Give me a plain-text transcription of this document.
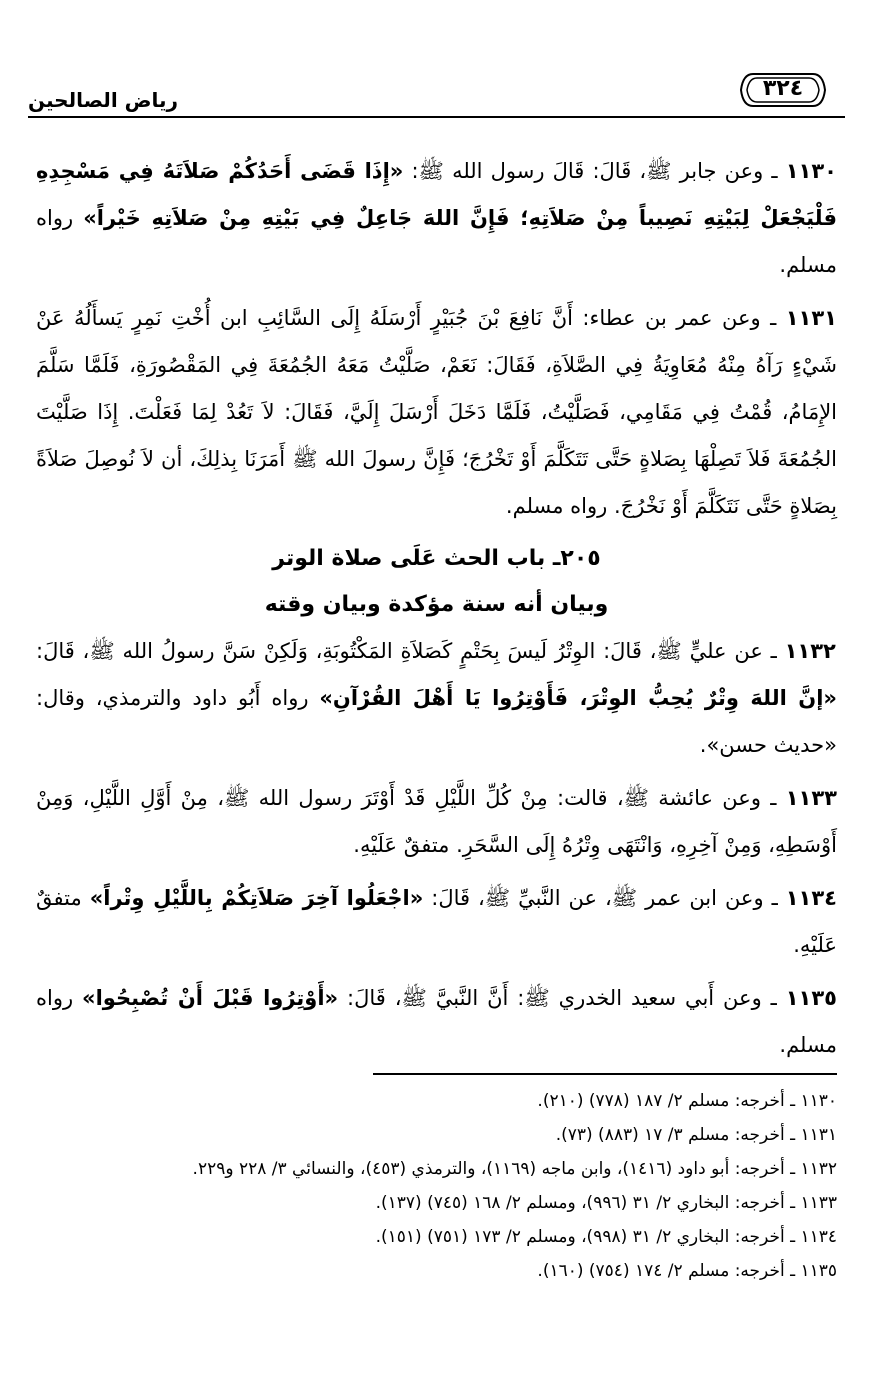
رياض الصالحين	٣٢٤

١١٣٠ ـ وعن جابر ﷺ، قَالَ: قَالَ رسول الله ﷺ: «إِذَا قَضَى أَحَدُكُمْ صَلاَتَهُ فِي مَسْجِدِهِ فَلْيَجْعَلْ لِبَيْتِهِ نَصِيباً مِنْ صَلاَتِهِ؛ فَإِنَّ اللهَ جَاعِلٌ فِي بَيْتِهِ مِنْ صَلاَتِهِ خَيْراً» رواه مسلم.

١١٣١ ـ وعن عمر بن عطاء: أَنَّ نَافِعَ بْنَ جُبَيْرٍ أَرْسَلَهُ إِلَى السَّائِبِ ابن أُخْتِ نَمِرٍ يَسأَلُهُ عَنْ شَيْءٍ رَآهُ مِنْهُ مُعَاوِيَةُ فِي الصَّلاَةِ، فَقَالَ: نَعَمْ، صَلَّيْتُ مَعَهُ الجُمُعَةَ فِي المَقْصُورَةِ، فَلَمَّا سَلَّمَ الإِمَامُ، قُمْتُ فِي مَقَامِي، فَصَلَّيْتُ، فَلَمَّا دَخَلَ أَرْسَلَ إِلَيَّ، فَقَالَ: لاَ تَعُدْ لِمَا فَعَلْتَ. إِذَا صَلَّيْتَ الجُمُعَةَ فَلاَ تَصِلْهَا بِصَلاةٍ حَتَّى تَتَكَلَّمَ أَوْ تَخْرُجَ؛ فَإِنَّ رسولَ الله ﷺ أَمَرَنَا بِذلِكَ، أن لاَ نُوصِلَ صَلاَةً بِصَلاةٍ حَتَّى نَتَكَلَّمَ أَوْ نَخْرُجَ. رواه مسلم.

٢٠٥ـ باب الحث عَلَى صلاة الوتر

وبيان أنه سنة مؤكدة وبيان وقته

١١٣٢ ـ عن عليٍّ ﷺ، قَالَ: الوِتْرُ لَيسَ بِحَتْمٍ كَصَلاَةِ المَكْتُوبَةِ، وَلَكِنْ سَنَّ رسولُ الله ﷺ، قَالَ: «إنَّ اللهَ وِتْرٌ يُحِبُّ الوِتْرَ، فَأَوْتِرُوا يَا أَهْلَ القُرْآنِ» رواه أَبُو داود والترمذي، وقال: «حديث حسن».

١١٣٣ ـ وعن عائشة ﷺ، قالت: مِنْ كُلِّ اللَّيْلِ قَدْ أَوْتَرَ رسول الله ﷺ، مِنْ أَوَّلِ اللَّيْلِ، وَمِنْ أَوْسَطِهِ، وَمِنْ آخِرِهِ، وَانْتَهَى وِتْرُهُ إِلَى السَّحَرِ. متفقٌ عَلَيْهِ.

١١٣٤ ـ وعن ابن عمر ﷺ، عن النَّبيِّ ﷺ، قَالَ: «اجْعَلُوا آخِرَ صَلاَتِكُمْ بِاللَّيْلِ وِتْراً» متفقٌ عَلَيْهِ.

١١٣٥ ـ وعن أَبي سعيد الخدري ﷺ: أَنَّ النَّبيَّ ﷺ، قَالَ: «أَوْتِرُوا قَبْلَ أَنْ تُصْبِحُوا» رواه مسلم.

١١٣٠ ـ أخرجه: مسلم ٢/ ١٨٧ (٧٧٨) (٢١٠).

١١٣١ ـ أخرجه: مسلم ٣/ ١٧ (٨٨٣) (٧٣).

١١٣٢ ـ أخرجه: أبو داود (١٤١٦)، وابن ماجه (١١٦٩)، والترمذي (٤٥٣)، والنسائي ٣/ ٢٢٨ و٢٢٩.

١١٣٣ ـ أخرجه: البخاري ٢/ ٣١ (٩٩٦)، ومسلم ٢/ ١٦٨ (٧٤٥) (١٣٧).

١١٣٤ ـ أخرجه: البخاري ٢/ ٣١ (٩٩٨)، ومسلم ٢/ ١٧٣ (٧٥١) (١٥١).

١١٣٥ ـ أخرجه: مسلم ٢/ ١٧٤ (٧٥٤) (١٦٠).
